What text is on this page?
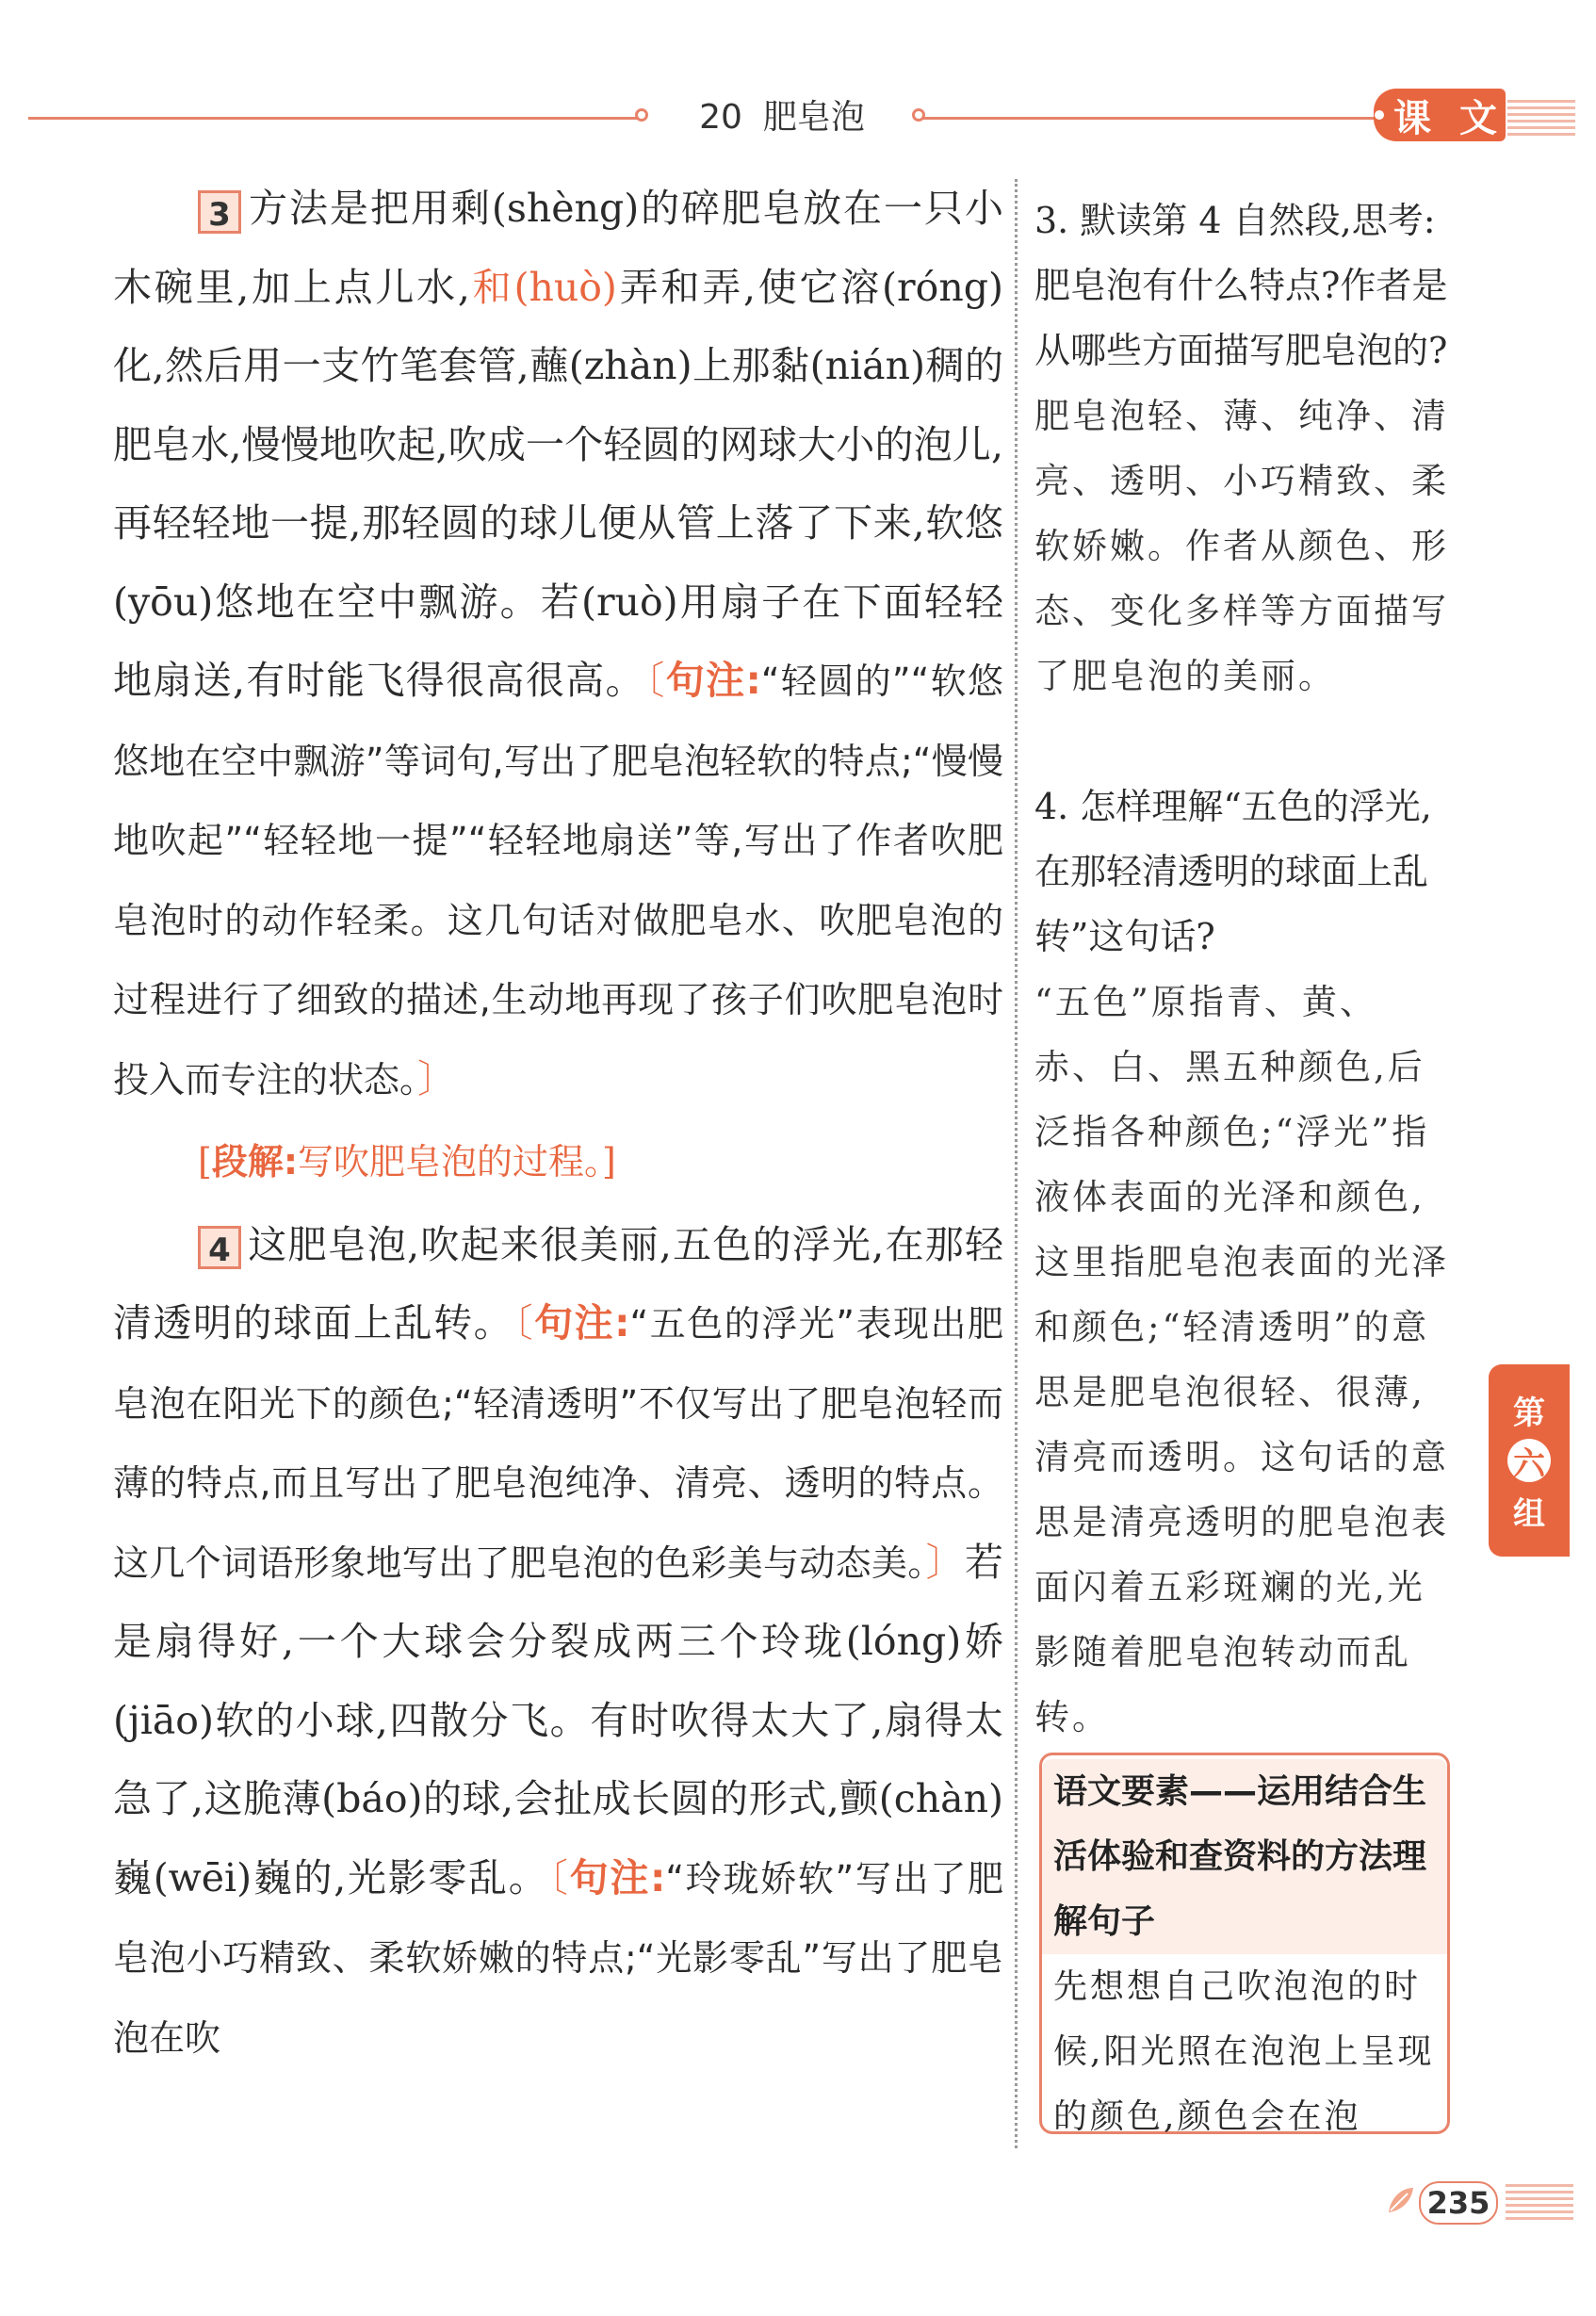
20 肥皂泡	课 文

3 方法是把用剩(shèng)的碎肥皂放在一只小木碗里,加上点儿水,和(huò)弄和弄,使它溶(róng)化,然后用一支竹笔套管,蘸(zhàn)上那黏(nián)稠的肥皂水,慢慢地吹起,吹成一个轻圆的网球大小的泡儿,再轻轻地一提,那轻圆的球儿便从管上落了下来,软悠(yōu)悠地在空中飘游。若(ruò)用扇子在下面轻轻地扇送,有时能飞得很高很高。〔句注:“轻圆的”“软悠悠地在空中飘游”等词句,写出了肥皂泡轻软的特点;“慢慢地吹起”“轻轻地一提”“轻轻地扇送”等,写出了作者吹肥皂泡时的动作轻柔。这几句话对做肥皂水、吹肥皂泡的过程进行了细致的描述,生动地再现了孩子们吹肥皂泡时投入而专注的状态。〕

[段解:写吹肥皂泡的过程。]

4 这肥皂泡,吹起来很美丽,五色的浮光,在那轻清透明的球面上乱转。〔句注:“五色的浮光”表现出肥皂泡在阳光下的颜色;“轻清透明”不仅写出了肥皂泡轻而薄的特点,而且写出了肥皂泡纯净、清亮、透明的特点。这几个词语形象地写出了肥皂泡的色彩美与动态美。〕若是扇得好,一个大球会分裂成两三个玲珑(lóng)娇(jiāo)软的小球,四散分飞。有时吹得太大了,扇得太急了,这脆薄(báo)的球,会扯成长圆的形式,颤(chàn)巍(wēi)巍的,光影零乱。〔句注:“玲珑娇软”写出了肥皂泡小巧精致、柔软娇嫩的特点;“光影零乱”写出了肥皂泡在吹

3. 默读第 4 自然段,思考:肥皂泡有什么特点?作者是从哪些方面描写肥皂泡的?

肥皂泡轻、薄、纯净、清亮、透明、小巧精致、柔软娇嫩。作者从颜色、形态、变化多样等方面描写了肥皂泡的美丽。

4. 怎样理解“五色的浮光,在那轻清透明的球面上乱转”这句话?

“五色”原指青、黄、赤、白、黑五种颜色,后泛指各种颜色;“浮光”指液体表面的光泽和颜色,这里指肥皂泡表面的光泽和颜色;“轻清透明”的意思是肥皂泡很轻、很薄,清亮而透明。这句话的意思是清亮透明的肥皂泡表面闪着五彩斑斓的光,光影随着肥皂泡转动而乱转。

语文要素——运用结合生活体验和查资料的方法理解句子

先想想自己吹泡泡的时候,阳光照在泡泡上呈现的颜色,颜色会在泡

第
六
组
235
